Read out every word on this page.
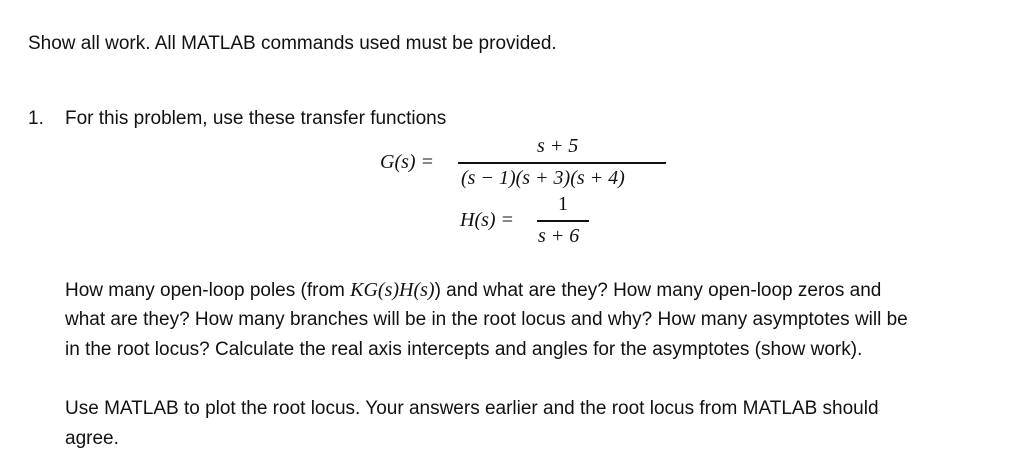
Show all work. All MATLAB commands used must be provided.
1. For this problem, use these transfer functions
G(s) =
s + 5
(s − 1)(s + 3)(s + 4)
H(s) =
1
s + 6
How many open-loop poles (from KG(s)H(s)) and what are they? How many open-loop zeros and
what are they? How many branches will be in the root locus and why? How many asymptotes will be
in the root locus? Calculate the real axis intercepts and angles for the asymptotes (show work).
Use MATLAB to plot the root locus. Your answers earlier and the root locus from MATLAB should
agree.
